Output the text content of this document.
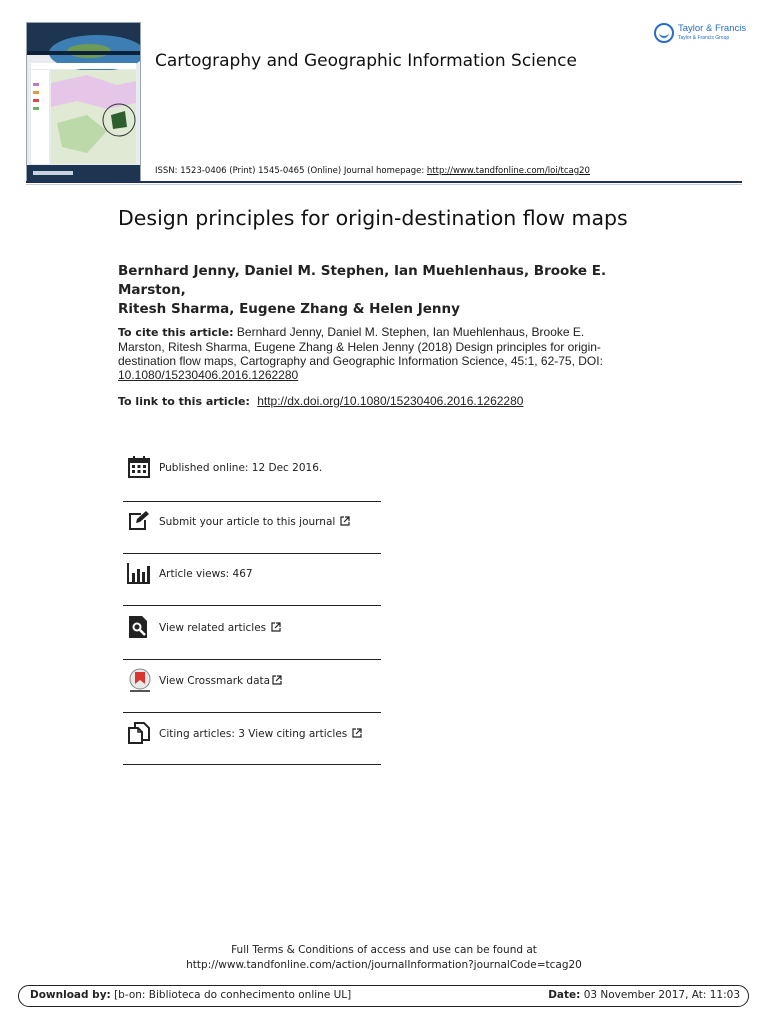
Cartography and Geographic Information Science
Taylor & Francis
Taylor & Francis Group
ISSN: 1523-0406 (Print) 1545-0465 (Online) Journal homepage: http://www.tandfonline.com/loi/tcag20
Design principles for origin-destination flow maps
Bernhard Jenny, Daniel M. Stephen, Ian Muehlenhaus, Brooke E. Marston,
Ritesh Sharma, Eugene Zhang & Helen Jenny
To cite this article: Bernhard Jenny, Daniel M. Stephen, Ian Muehlenhaus, Brooke E. Marston, Ritesh Sharma, Eugene Zhang & Helen Jenny (2018) Design principles for origin-destination flow maps, Cartography and Geographic Information Science, 45:1, 62-75, DOI: 10.1080/15230406.2016.1262280
To link to this article: http://dx.doi.org/10.1080/15230406.2016.1262280
Published online: 12 Dec 2016.
Submit your article to this journal
Article views: 467
View related articles
View Crossmark data
Citing articles: 3 View citing articles
Full Terms & Conditions of access and use can be found at
http://www.tandfonline.com/action/journalInformation?journalCode=tcag20
Download by: [b-on: Biblioteca do conhecimento online UL]	Date: 03 November 2017, At: 11:03
